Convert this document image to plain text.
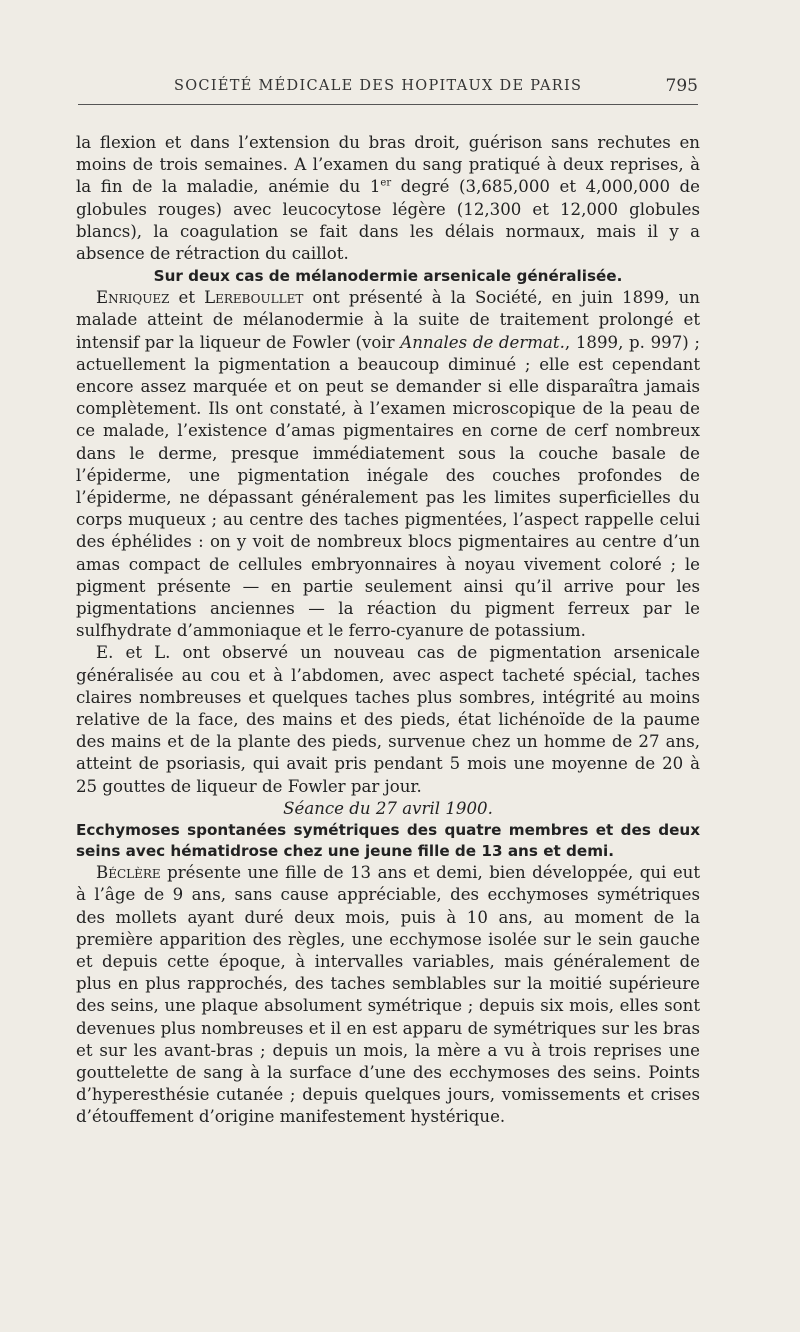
SOCIÉTÉ MÉDICALE DES HOPITAUX DE PARIS	795

la flexion et dans l’extension du bras droit, guérison sans rechutes en moins de trois semaines. A l’examen du sang pratiqué à deux reprises, à la fin de la maladie, anémie du 1er degré (3,685,000 et 4,000,000 de globules rouges) avec leucocytose légère (12,300 et 12,000 globules blancs), la coagulation se fait dans les délais normaux, mais il y a absence de rétraction du caillot.

Sur deux cas de mélanodermie arsenicale généralisée.

Enriquez et Lereboullet ont présenté à la Société, en juin 1899, un malade atteint de mélanodermie à la suite de traitement prolongé et intensif par la liqueur de Fowler (voir Annales de dermat., 1899, p. 997) ; actuellement la pigmentation a beaucoup diminué ; elle est cependant encore assez marquée et on peut se demander si elle disparaîtra jamais complètement. Ils ont constaté, à l’examen microscopique de la peau de ce malade, l’existence d’amas pigmentaires en corne de cerf nombreux dans le derme, presque immédiatement sous la couche basale de l’épiderme, une pigmentation inégale des couches profondes de l’épiderme, ne dépassant généralement pas les limites superficielles du corps muqueux ; au centre des taches pigmentées, l’aspect rappelle celui des éphélides : on y voit de nombreux blocs pigmentaires au centre d’un amas compact de cellules embryonnaires à noyau vivement coloré ; le pigment présente — en partie seulement ainsi qu’il arrive pour les pigmentations anciennes — la réaction du pigment ferreux par le sulfhydrate d’ammoniaque et le ferro-cyanure de potassium.

E. et L. ont observé un nouveau cas de pigmentation arsenicale généralisée au cou et à l’abdomen, avec aspect tacheté spécial, taches claires nombreuses et quelques taches plus sombres, intégrité au moins relative de la face, des mains et des pieds, état lichénoïde de la paume des mains et de la plante des pieds, survenue chez un homme de 27 ans, atteint de psoriasis, qui avait pris pendant 5 mois une moyenne de 20 à 25 gouttes de liqueur de Fowler par jour.

Séance du 27 avril 1900.

Ecchymoses spontanées symétriques des quatre membres et des deux seins avec hématidrose chez une jeune fille de 13 ans et demi.

Béclère présente une fille de 13 ans et demi, bien développée, qui eut à l’âge de 9 ans, sans cause appréciable, des ecchymoses symétriques des mollets ayant duré deux mois, puis à 10 ans, au moment de la première apparition des règles, une ecchymose isolée sur le sein gauche et depuis cette époque, à intervalles variables, mais généralement de plus en plus rapprochés, des taches semblables sur la moitié supérieure des seins, une plaque absolument symétrique ; depuis six mois, elles sont devenues plus nombreuses et il en est apparu de symétriques sur les bras et sur les avant-bras ; depuis un mois, la mère a vu à trois reprises une gouttelette de sang à la surface d’une des ecchymoses des seins. Points d’hyperesthésie cutanée ; depuis quelques jours, vomissements et crises d’étouffement d’origine manifestement hystérique.
